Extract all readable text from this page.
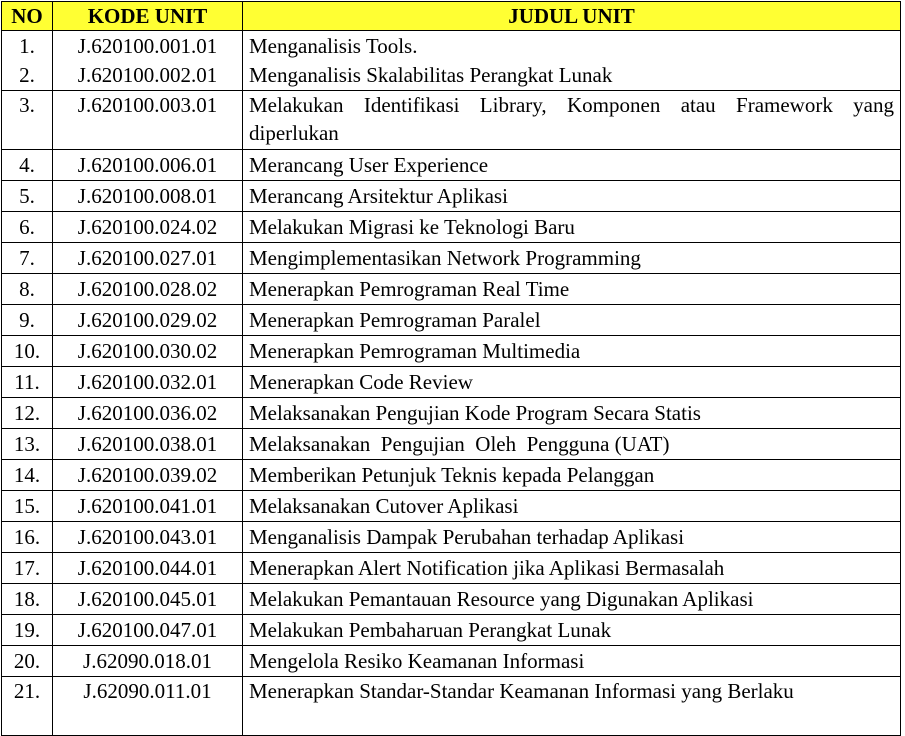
NO	KODE UNIT	JUDUL UNIT
1.	J.620100.001.01	Menganalisis Tools.
2.	J.620100.002.01	Menganalisis Skalabilitas Perangkat Lunak
3.	J.620100.003.01	Melakukan Identifikasi Library, Komponen atau Framework yang diperlukan
4.	J.620100.006.01	Merancang User Experience
5.	J.620100.008.01	Merancang Arsitektur Aplikasi
6.	J.620100.024.02	Melakukan Migrasi ke Teknologi Baru
7.	J.620100.027.01	Mengimplementasikan Network Programming
8.	J.620100.028.02	Menerapkan Pemrograman Real Time
9.	J.620100.029.02	Menerapkan Pemrograman Paralel
10.	J.620100.030.02	Menerapkan Pemrograman Multimedia
11.	J.620100.032.01	Menerapkan Code Review
12.	J.620100.036.02	Melaksanakan Pengujian Kode Program Secara Statis
13.	J.620100.038.01	Melaksanakan  Pengujian  Oleh  Pengguna (UAT)
14.	J.620100.039.02	Memberikan Petunjuk Teknis kepada Pelanggan
15.	J.620100.041.01	Melaksanakan Cutover Aplikasi
16.	J.620100.043.01	Menganalisis Dampak Perubahan terhadap Aplikasi
17.	J.620100.044.01	Menerapkan Alert Notification jika Aplikasi Bermasalah
18.	J.620100.045.01	Melakukan Pemantauan Resource yang Digunakan Aplikasi
19.	J.620100.047.01	Melakukan Pembaharuan Perangkat Lunak
20.	J.62090.018.01	Mengelola Resiko Keamanan Informasi
21.	J.62090.011.01	Menerapkan Standar-Standar Keamanan Informasi yang Berlaku
